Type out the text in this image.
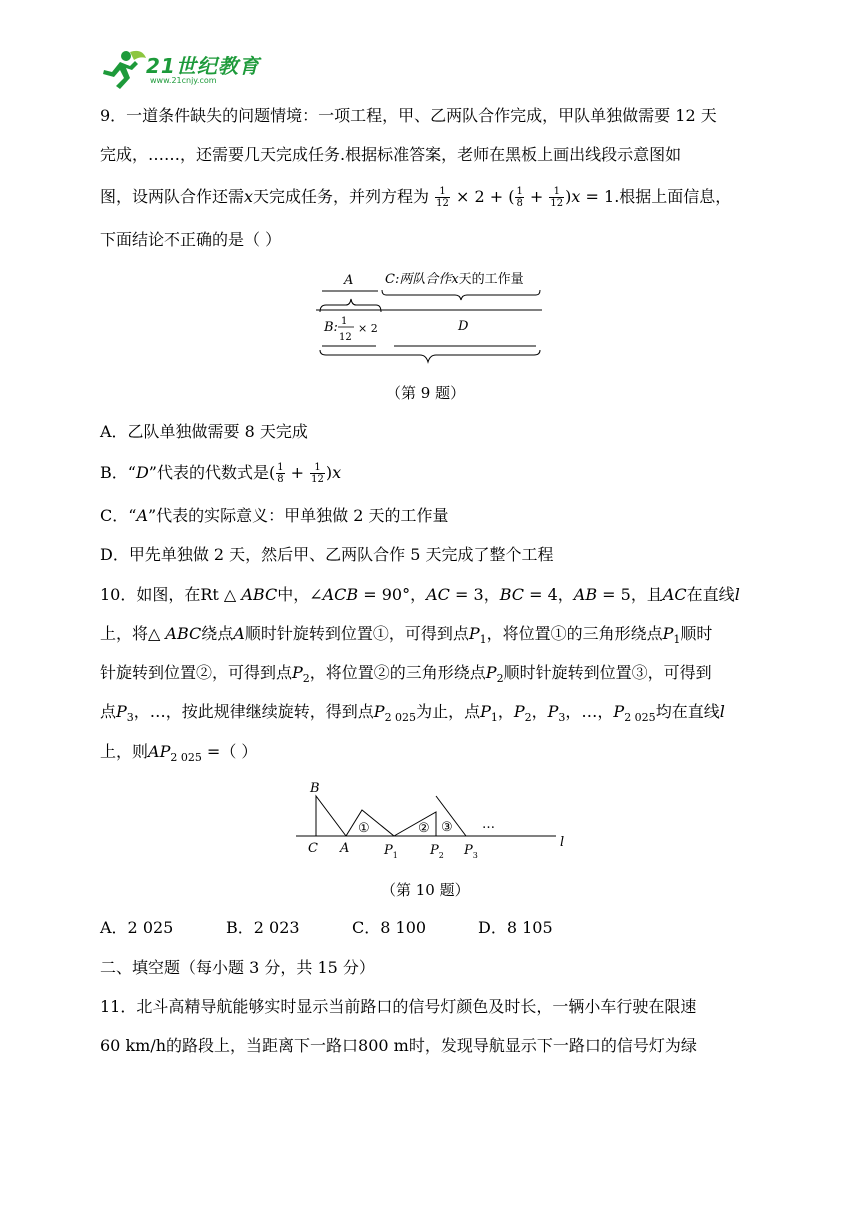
21世纪教育
www.21cnjy.com
9．一道条件缺失的问题情境：一项工程，甲、乙两队合作完成，甲队单独做需要 12 天
完成，……，还需要几天完成任务.根据标准答案，老师在黑板上画出线段示意图如
图，设两队合作还需x天完成任务，并列方程为 $\frac{1}{12} \times 2$ + ( $\frac{1}{8} + \frac{1}{12} )x = 1$.根据上面信息，
下面结论不正确的是（ ）
A C:两队合作x天的工作量
B: 1
12
× 2	D
（第 9 题）
A．乙队单独做需要 8 天完成
B．“D”代表的代数式是( $\frac{1}{8} + \frac{1}{12} )x$
C．“A”代表的实际意义：甲单独做 2 天的工作量
D．甲先单独做 2 天，然后甲、乙两队合作 5 天完成了整个工程
10．如图，在Rt △ ABC中，∠ACB = 90°，AC = 3，BC = 4，AB = 5，且AC在直线l
上，将△ ABC绕点A顺时针旋转到位置①，可得到点$P_1$，将位置①的三角形绕点$P_1$顺时
针旋转到位置②，可得到点$P_2$，将位置②的三角形绕点$P_2$顺时针旋转到位置③，可得到
点$P_3$，…，按此规律继续旋转，得到点$P_{2 025}$为止，点$P_1$，$P_2$，$P_3$，…，$P_{2 025}$均在直线l
上，则$AP_{2 025}$ =（ ）
B
C A	$P_1$ $P_2$ $P_3$
①	② ③ …
l
（第 10 题）
A．2 025	B．2 023	C．8 100	D．8 105
二、填空题（每小题 3 分，共 15 分）
11．北斗高精导航能够实时显示当前路口的信号灯颜色及时长，一辆小车行驶在限速
60 km/h的路段上，当距离下一路口800 m时，发现导航显示下一路口的信号灯为绿
